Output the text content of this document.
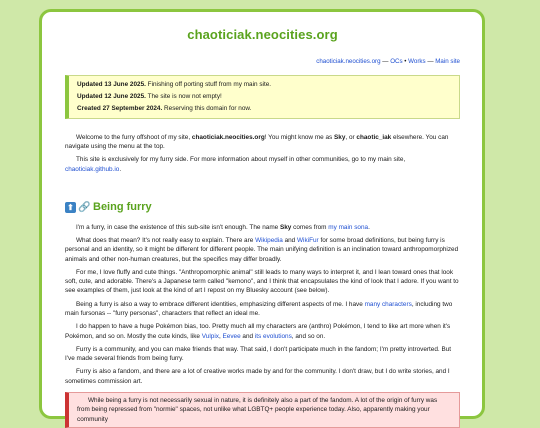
chaoticiak.neocities.org
chaoticiak.neocities.org — OCs • Works — Main site

Updated 13 June 2025. Finishing off porting stuff from my main site.

Updated 12 June 2025. The site is now not empty!

Created 27 September 2024. Reserving this domain for now.

Welcome to the furry offshoot of my site, chaoticiak.neocities.org! You might know me as Sky, or chaotic_iak elsewhere. You can navigate using the menu at the top.

This site is exclusively for my furry side. For more information about myself in other communities, go to my main site, chaoticiak.github.io.

⬆ 🔗 Being furry

I'm a furry, in case the existence of this sub-site isn't enough. The name Sky comes from my main sona.

What does that mean? It's not really easy to explain. There are Wikipedia and WikiFur for some broad definitions, but being furry is personal and an identity, so it might be different for different people. The main unifying definition is an inclination toward anthropomorphized animals and other non-human creatures, but the specifics may differ broadly.

For me, I love fluffy and cute things. "Anthropomorphic animal" still leads to many ways to interpret it, and I lean toward ones that look soft, cute, and adorable. There's a Japanese term called "kemono", and I think that encapsulates the kind of look that I adore. If you want to see examples of them, just look at the kind of art I repost on my Bluesky account (see below).

Being a furry is also a way to embrace different identities, emphasizing different aspects of me. I have many characters, including two main fursonas -- "furry personas", characters that reflect an ideal me.

I do happen to have a huge Pokémon bias, too. Pretty much all my characters are (anthro) Pokémon, I tend to like art more when it's Pokémon, and so on. Mostly the cute kinds, like Vulpix, Eevee and its evolutions, and so on.

Furry is a community, and you can make friends that way. That said, I don't participate much in the fandom; I'm pretty introverted. But I've made several friends from being furry.

Furry is also a fandom, and there are a lot of creative works made by and for the community. I don't draw, but I do write stories, and I sometimes commission art.

While being a furry is not necessarily sexual in nature, it is definitely also a part of the fandom. A lot of the origin of furry was from being repressed from "normie" spaces, not unlike what LGBTQ+ people experience today. Also, apparently making your community
